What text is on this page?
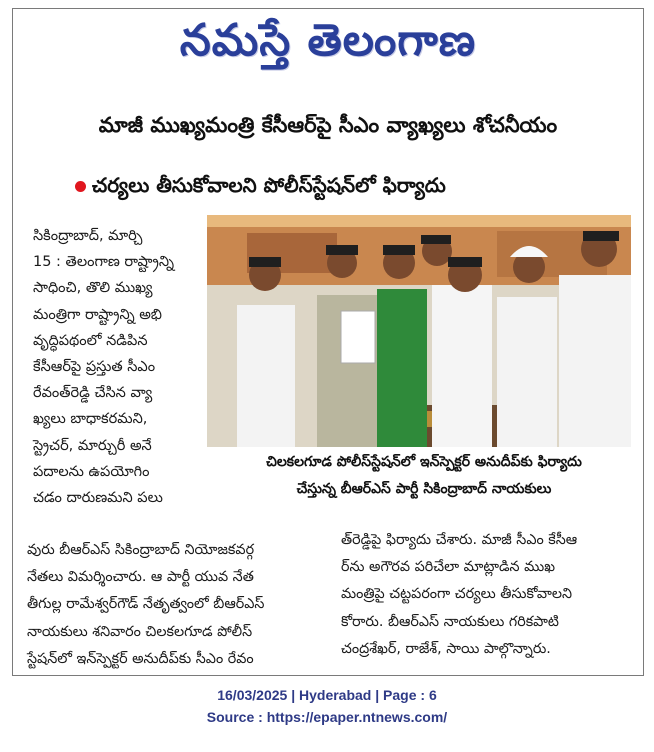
నమస్తే తెలంగాణ
మాజీ ముఖ్యమంత్రి కేసీఆర్‌పై సీఎం వ్యాఖ్యలు శోచనీయం
చర్యలు తీసుకోవాలని పోలీస్‌స్టేషన్‌లో ఫిర్యాదు

సికింద్రాబాద్, మార్చి

15 : తెలంగాణ రాష్ట్రాన్ని

సాధించి, తొలి ముఖ్య

మంత్రిగా రాష్ట్రాన్ని అభి

వృద్ధిపథంలో నడిపిన

కేసీఆర్‌పై ప్రస్తుత సీఎం

రేవంత్‌రెడ్డి చేసిన వ్యా

ఖ్యలు బాధాకరమని,

స్ట్రెచర్, మార్చురీ అనే

పదాలను ఉపయోగిం

చడం దారుణమని పలు

చిలకలగూడ పోలీస్‌స్టేషన్‌లో ఇన్‌స్పెక్టర్ అనుదీప్‌కు ఫిర్యాదు
చేస్తున్న బీఆర్‌ఎస్ పార్టీ సికింద్రాబాద్ నాయకులు

వురు బీఆర్‌ఎస్ సికింద్రాబాద్ నియోజకవర్గ

నేతలు విమర్శించారు. ఆ పార్టీ యువ నేత

తీగుల్ల రామేశ్వర్‌గౌడ్ నేతృత్వంలో బీఆర్‌ఎస్

నాయకులు శనివారం చిలకలగూడ పోలీస్

స్టేషన్‌లో ఇన్‌స్పెక్టర్ అనుదీప్‌కు సీఎం రేవం

త్‌రెడ్డిపై ఫిర్యాదు చేశారు. మాజీ సీఎం కేసీఆ

ర్‌ను అగౌరవ పరిచేలా మాట్లాడిన ముఖ

మంత్రిపై చట్టపరంగా చర్యలు తీసుకోవాలని

కోరారు. బీఆర్‌ఎస్ నాయకులు గరికపాటి

చంద్రశేఖర్, రాజేశ్, సాయి పాల్గొన్నారు.

16/03/2025 | Hyderabad | Page : 6
Source : https://epaper.ntnews.com/
